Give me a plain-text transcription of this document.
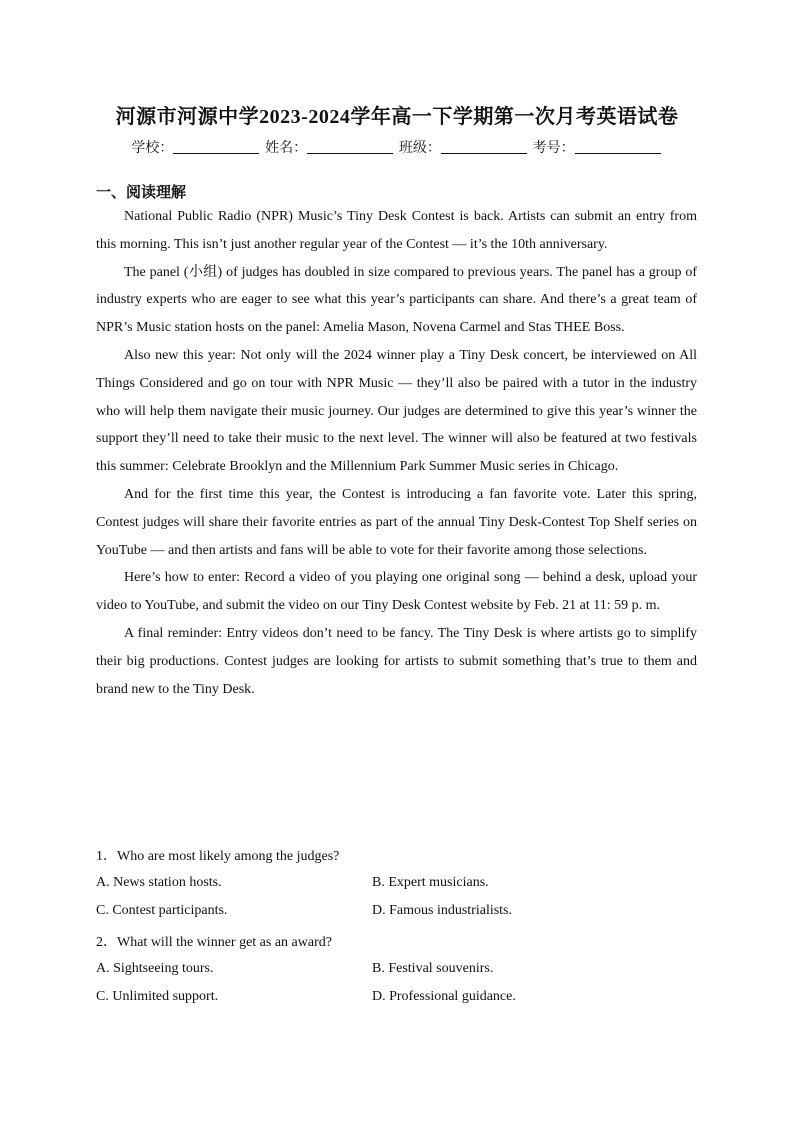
河源市河源中学2023-2024学年高一下学期第一次月考英语试卷
学校：	姓名：	班级：	考号：
一、阅读理解

National Public Radio (NPR) Music’s Tiny Desk Contest is back. Artists can submit an entry from this morning. This isn’t just another regular year of the Contest — it’s the 10th anniversary.

The panel (小组) of judges has doubled in size compared to previous years. The panel has a group of industry experts who are eager to see what this year’s participants can share. And there’s a great team of NPR’s Music station hosts on the panel: Amelia Mason, Novena Carmel and Stas THEE Boss.

Also new this year: Not only will the 2024 winner play a Tiny Desk concert, be interviewed on All Things Considered and go on tour with NPR Music — they’ll also be paired with a tutor in the industry who will help them navigate their music journey. Our judges are determined to give this year’s winner the support they’ll need to take their music to the next level. The winner will also be featured at two festivals this summer: Celebrate Brooklyn and the Millennium Park Summer Music series in Chicago.

And for the first time this year, the Contest is introducing a fan favorite vote. Later this spring, Contest judges will share their favorite entries as part of the annual Tiny Desk-Contest Top Shelf series on YouTube — and then artists and fans will be able to vote for their favorite among those selections.

Here’s how to enter: Record a video of you playing one original song — behind a desk, upload your video to YouTube, and submit the video on our Tiny Desk Contest website by Feb. 21 at 11: 59 p. m.

A final reminder: Entry videos don’t need to be fancy. The Tiny Desk is where artists go to simplify their big productions. Contest judges are looking for artists to submit something that’s true to them and brand new to the Tiny Desk.

1．Who are most likely among the judges?
A. News station hosts.	B. Expert musicians.
C. Contest participants.	D. Famous industrialists.
2．What will the winner get as an award?
A. Sightseeing tours.	B. Festival souvenirs.
C. Unlimited support.	D. Professional guidance.
